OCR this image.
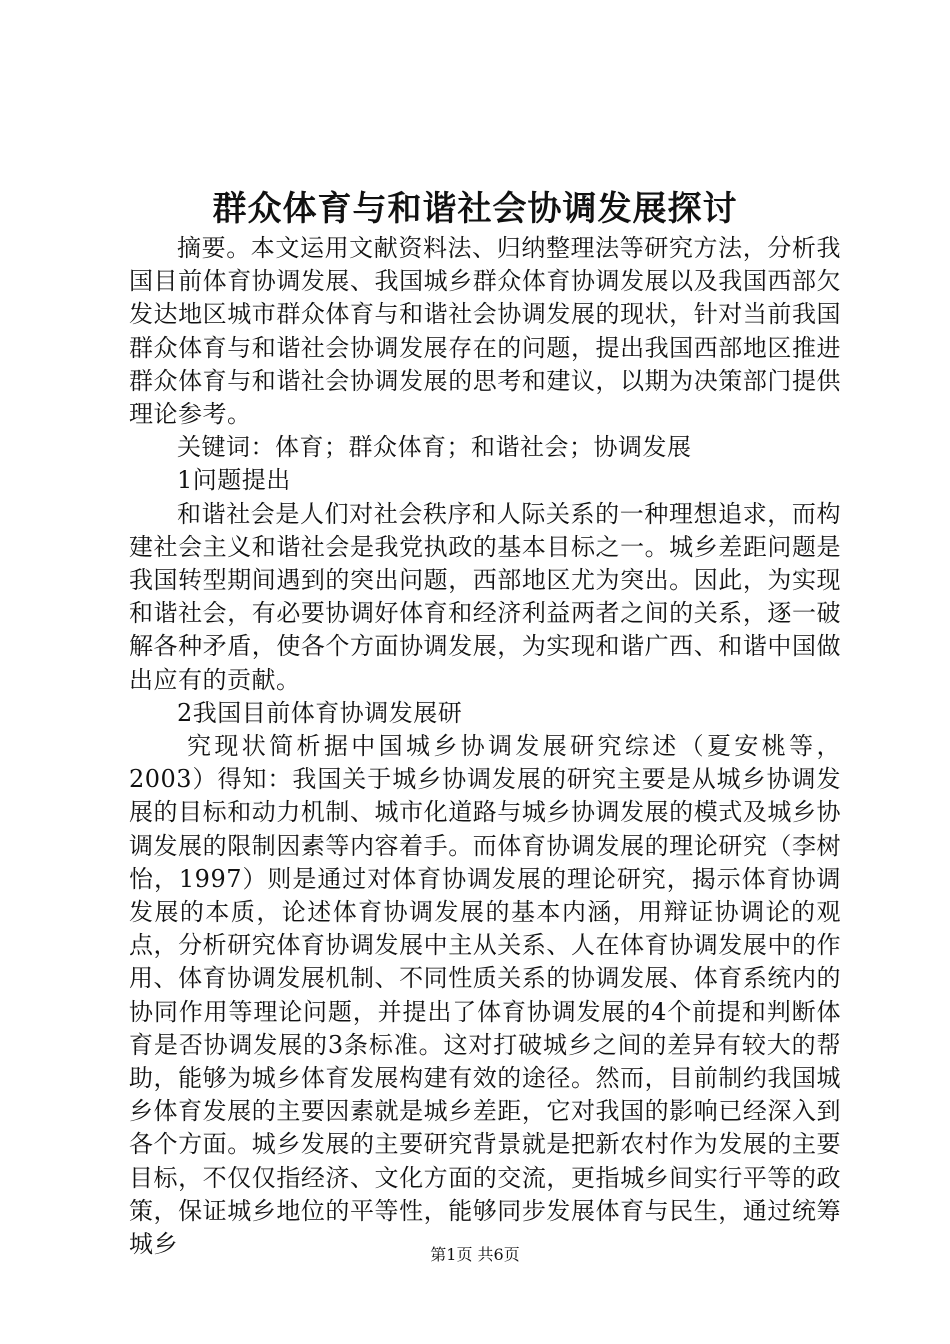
群众体育与和谐社会协调发展探讨

摘要。本文运用文献资料法、归纳整理法等研究方法，分析我国目前体育协调发展、我国城乡群众体育协调发展以及我国西部欠发达地区城市群众体育与和谐社会协调发展的现状，针对当前我国群众体育与和谐社会协调发展存在的问题，提出我国西部地区推进群众体育与和谐社会协调发展的思考和建议，以期为决策部门提供理论参考。

关键词：体育；群众体育；和谐社会；协调发展

1问题提出

和谐社会是人们对社会秩序和人际关系的一种理想追求，而构建社会主义和谐社会是我党执政的基本目标之一。城乡差距问题是我国转型期间遇到的突出问题，西部地区尤为突出。因此，为实现和谐社会，有必要协调好体育和经济利益两者之间的关系，逐一破解各种矛盾，使各个方面协调发展，为实现和谐广西、和谐中国做出应有的贡献。

2我国目前体育协调发展研

究现状简析据中国城乡协调发展研究综述（夏安桃等，2003）得知：我国关于城乡协调发展的研究主要是从城乡协调发展的目标和动力机制、城市化道路与城乡协调发展的模式及城乡协调发展的限制因素等内容着手。而体育协调发展的理论研究（李树怡，1997）则是通过对体育协调发展的理论研究，揭示体育协调发展的本质，论述体育协调发展的基本内涵，用辩证协调论的观点，分析研究体育协调发展中主从关系、人在体育协调发展中的作用、体育协调发展机制、不同性质关系的协调发展、体育系统内的协同作用等理论问题，并提出了体育协调发展的4个前提和判断体育是否协调发展的3条标准。这对打破城乡之间的差异有较大的帮助，能够为城乡体育发展构建有效的途径。然而，目前制约我国城乡体育发展的主要因素就是城乡差距，它对我国的影响已经深入到各个方面。城乡发展的主要研究背景就是把新农村作为发展的主要目标，不仅仅指经济、文化方面的交流，更指城乡间实行平等的政策，保证城乡地位的平等性，能够同步发展体育与民生，通过统筹城乡	第1页 共6页
